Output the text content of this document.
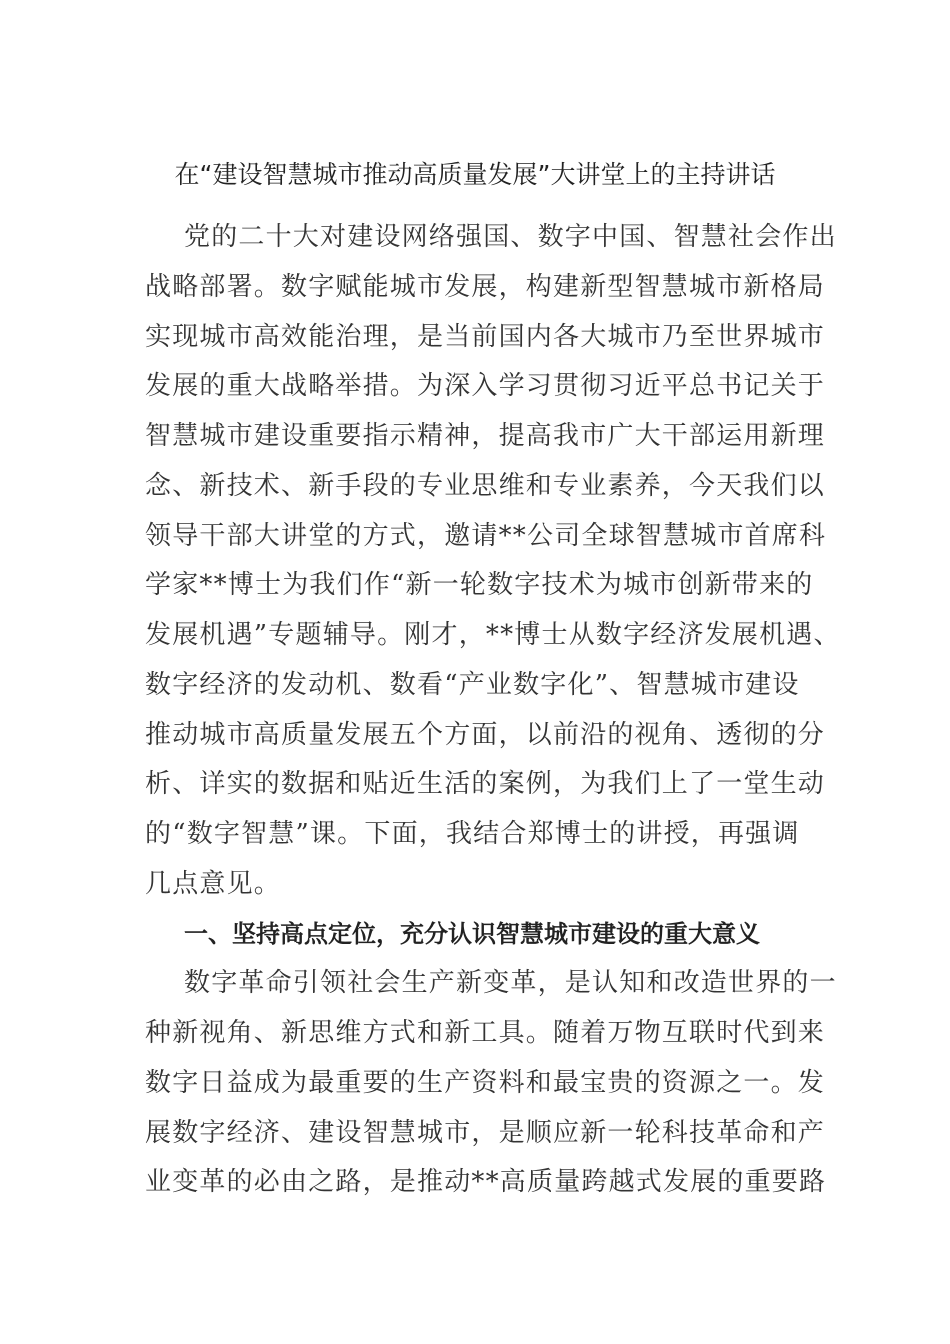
在“建设智慧城市推动高质量发展”大讲堂上的主持讲话
党的二十大对建设网络强国、数字中国、智慧社会作出
战略部署。数字赋能城市发展，构建新型智慧城市新格局
实现城市高效能治理，是当前国内各大城市乃至世界城市
发展的重大战略举措。为深入学习贯彻习近平总书记关于
智慧城市建设重要指示精神，提高我市广大干部运用新理
念、新技术、新手段的专业思维和专业素养，今天我们以
领导干部大讲堂的方式，邀请**公司全球智慧城市首席科
学家**博士为我们作“新一轮数字技术为城市创新带来的
发展机遇”专题辅导。刚才，**博士从数字经济发展机遇、
数字经济的发动机、数看“产业数字化”、智慧城市建设
推动城市高质量发展五个方面，以前沿的视角、透彻的分
析、详实的数据和贴近生活的案例，为我们上了一堂生动
的“数字智慧”课。下面，我结合郑博士的讲授，再强调
几点意见。
一、坚持高点定位，充分认识智慧城市建设的重大意义
数字革命引领社会生产新变革，是认知和改造世界的一
种新视角、新思维方式和新工具。随着万物互联时代到来
数字日益成为最重要的生产资料和最宝贵的资源之一。发
展数字经济、建设智慧城市，是顺应新一轮科技革命和产
业变革的必由之路，是推动**高质量跨越式发展的重要路
